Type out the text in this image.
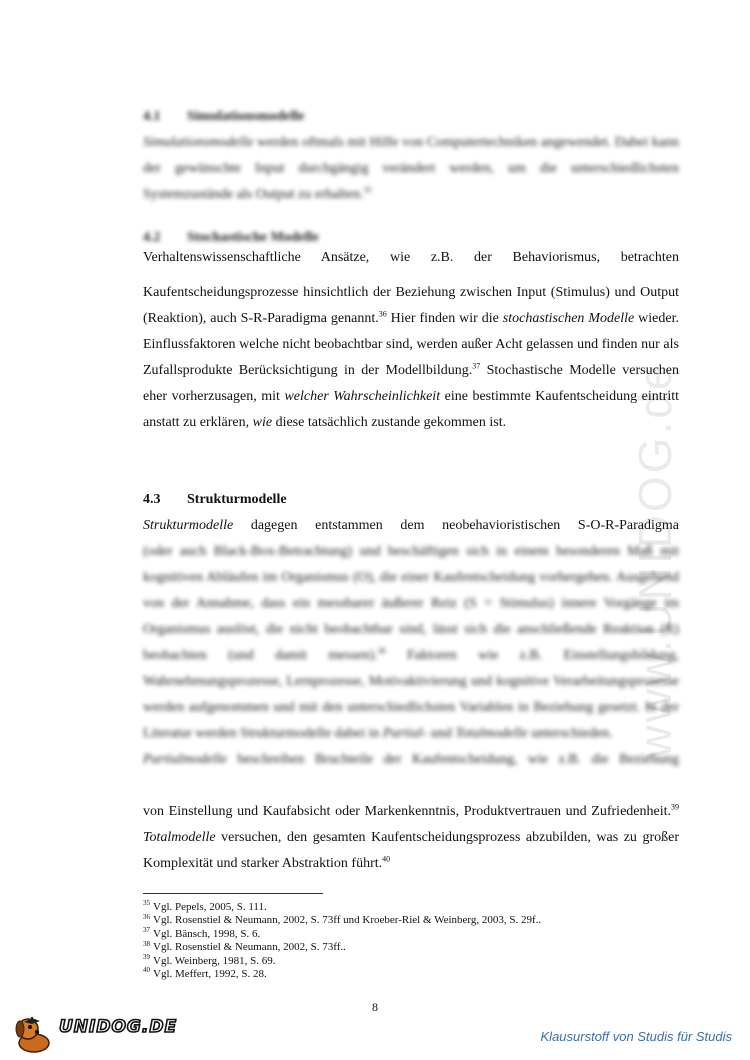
www.UNIDOG.de
4.1 Simulationsmodelle

Simulationsmodelle werden oftmals mit Hilfe von Computertechniken angewendet. Dabei kann der gewünschte Input durchgängig verändert werden, um die unterschiedlichsten Systemzustände als Output zu erhalten.$^{35}$

4.2 Stochastische Modelle

Verhaltenswissenschaftliche Ansätze, wie z.B. der Behaviorismus, betrachten

Kaufentscheidungsprozesse hinsichtlich der Beziehung zwischen Input (Stimulus) und Output (Reaktion), auch S-R-Paradigma genannt.$^{36}$ Hier finden wir die stochastischen Modelle wieder. Einflussfaktoren welche nicht beobachtbar sind, werden außer Acht gelassen und finden nur als Zufallsprodukte Berücksichtigung in der Modellbildung.$^{37}$ Stochastische Modelle versuchen eher vorherzusagen, mit welcher Wahrscheinlichkeit eine bestimmte Kaufentscheidung eintritt anstatt zu erklären, wie diese tatsächlich zustande gekommen ist.

4.3 Strukturmodelle

Strukturmodelle dagegen entstammen dem neobehavioristischen S-O-R-Paradigma

(oder auch Black-Box-Betrachtung) und beschäftigen sich in einem besonderen Maß mit kognitiven Abläufen im Organismus (O), die einer Kaufentscheidung vorhergehen. Ausgehend von der Annahme, dass ein messbarer äußerer Reiz (S = Stimulus) innere Vorgänge im Organismus auslöst, die nicht beobachtbar sind, lässt sich die anschließende Reaktion (R) beobachten (und damit messen).$^{38}$ Faktoren wie z.B. Einstellungsbildung, Wahrnehmungsprozesse, Lernprozesse, Motivaktivierung und kognitive Verarbeitungsprozesse werden aufgenommen und mit den unterschiedlichsten Variablen in Beziehung gesetzt. In der Literatur werden Strukturmodelle dabei in Partial- und Totalmodelle unterschieden.

Partialmodelle beschreiben Bruchteile der Kaufentscheidung, wie z.B. die Beziehung

von Einstellung und Kaufabsicht oder Markenkenntnis, Produktvertrauen und Zufriedenheit.$^{39}$ Totalmodelle versuchen, den gesamten Kaufentscheidungsprozess abzubilden, was zu großer Komplexität und starker Abstraktion führt.$^{40}$

$^{35}$ Vgl. Pepels, 2005, S. 111.
$^{36}$ Vgl. Rosenstiel & Neumann, 2002, S. 73ff und Kroeber-Riel & Weinberg, 2003, S. 29f..
$^{37}$ Vgl. Bänsch, 1998, S. 6.
$^{38}$ Vgl. Rosenstiel & Neumann, 2002, S. 73ff..
$^{39}$ Vgl. Weinberg, 1981, S. 69.
$^{40}$ Vgl. Meffert, 1992, S. 28.
8
UNIDOG.DE	Klausurstoff von Studis für Studis
